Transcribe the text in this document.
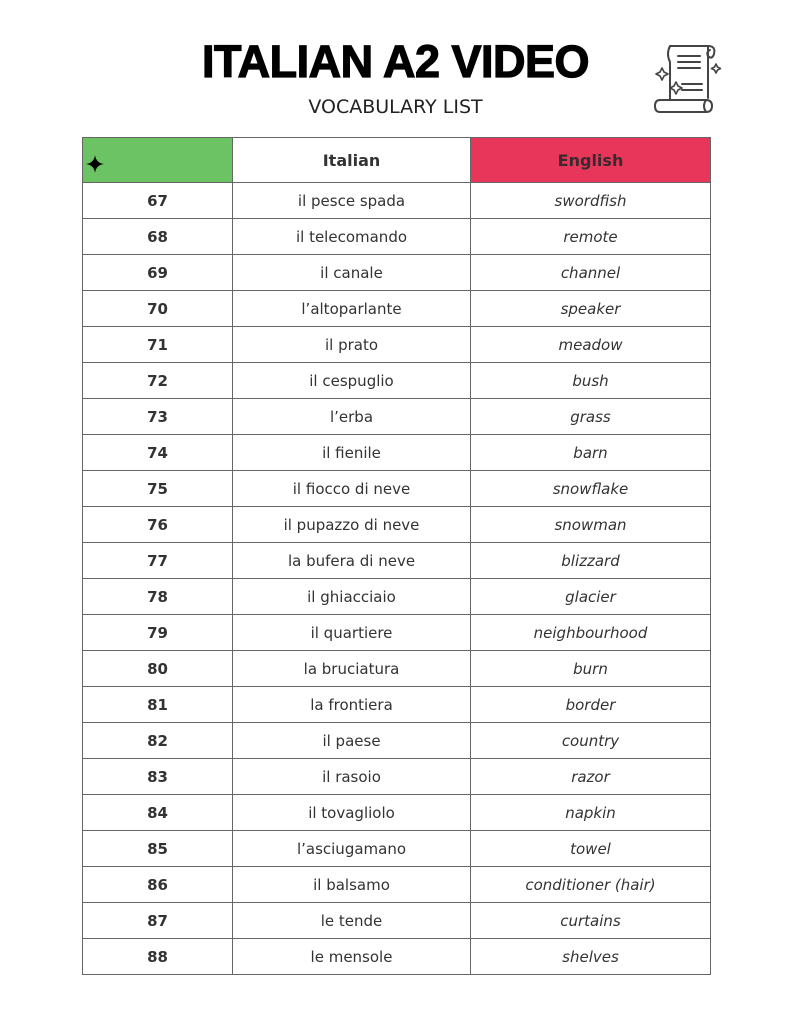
ITALIAN A2 VIDEO
VOCABULARY LIST
	Italian	English
67	il pesce spada	swordfish
68	il telecomando	remote
69	il canale	channel
70	l’altoparlante	speaker
71	il prato	meadow
72	il cespuglio	bush
73	l’erba	grass
74	il fienile	barn
75	il fiocco di neve	snowflake
76	il pupazzo di neve	snowman
77	la bufera di neve	blizzard
78	il ghiacciaio	glacier
79	il quartiere	neighbourhood
80	la bruciatura	burn
81	la frontiera	border
82	il paese	country
83	il rasoio	razor
84	il tovagliolo	napkin
85	l’asciugamano	towel
86	il balsamo	conditioner (hair)
87	le tende	curtains
88	le mensole	shelves
